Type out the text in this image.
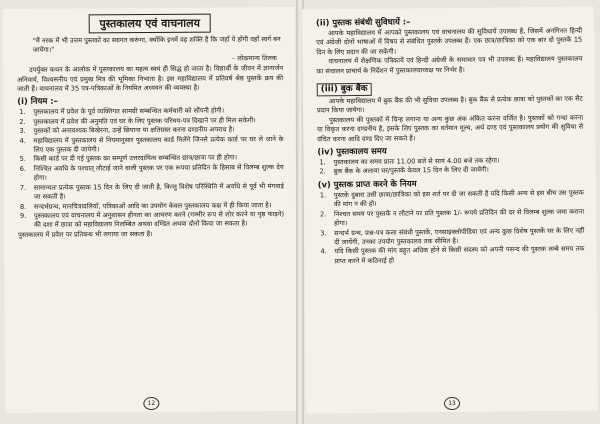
पुस्तकालय एवं वाचनालय

"मैं नरक में भी उत्तम पुस्तकों का स्वागत करूंगा, क्योंकि इनमें वह शक्ति है कि जहाँ ये होंगी वहाँ स्वर्ग बन जायेगा।"

– लोकमान्य तिलक

उपर्युक्त कथन के आलोक में पुस्तकालय का महत्व स्वयं ही सिद्ध हो जाता है। विद्यार्थी के जीवन में ज्ञानार्जन अनिवार्य, विश्वसनीय एवं प्रमुख मित्र की भूमिका निभाता है। इस महाविद्यालय में प्रतिवर्ष श्रेष्ठ पुस्तकें क्रय की जाती हैं। वाचनालय में 35 पत्र-पत्रिकाओं के नियमित अध्ययन की व्यवस्था है।

(i) नियम :–
1. पुस्तकालय में प्रवेश के पूर्व व्यक्तिगत सामग्री सम्बन्धित कर्मचारी को सौंपनी होगी।
2. पुस्तकालय में प्रवेश की अनुमति एवं घर के लिए पुस्तक परिचय-पत्र दिखाने पर ही मिल सकेगी।
3. पुस्तकों को अनावश्यक बिखेरना, उन्हें छिपाना या क्षतिग्रस्त करना दण्डनीय अपराध है।
4. महाविद्यालय में पुस्तकालय से नियमानुसार पुस्तकालय कार्ड मिलेंगे जिनसे प्रत्येक कार्ड पर घर ले जाने के लिए एक पुस्तक दी जायेगी।
5. किसी कार्ड पर दी गई पुस्तक का सम्पूर्ण उत्तरदायित्व सम्बन्धित छात्र/छात्रा पर ही होगा।
6. निश्चित अवधि के पश्चात् लौटाई जाने वाली पुस्तक पर एक रूपया प्रतिदिन के हिसाब से विलम्ब शुल्क देय होगा।
7. सामान्यतः प्रत्येक पुस्तक 15 दिन के लिए दी जाती है, किन्तु विशेष परिस्थिति में अवधि से पूर्व भी मंगवाई जा सकती है।
8. सन्दर्भग्रन्थ, मानचित्रावलियाँ, पत्रिकाओं आदि का उपयोग केवल पुस्तकालय कक्ष में ही किया जाता है।
9. पुस्तकालय एवं वाचनालय में अनुशासन हीनता का आचरण करने (गम्भीर रूप से शोर करने या पृष्ठ फाड़ने) की दशा में छात्रा को महाविद्यालय निलम्बित अथवा दण्डित अथवा दोनों किया जा सकता है।

पुस्तकालय में प्रवेश पर प्रतिबन्ध भी लगाया जा सकता है।

12
(ii) पुस्तक संबंधी सुविधायें :–

आपके महाविद्यालय में आपको पुस्तकालय एवं वाचनालय की सुविधायें उपलब्ध हैं, जिसमें अनगिनत हिन्दी एवं अंग्रेजी दोनों भाषाओं में विषय से संबंधित पुस्तकें उपलब्ध हैं। एक छात्र/छात्रिका को एक बार दो पुस्तकें 15 दिन के लिए प्रदान की जा सकेंगी।

वाचनालय में शैक्षणिक पत्रिकायें एवं हिन्दी अंग्रेजी के समाचार पत्र भी उपलब्ध हैं। महाविद्यालय पुस्तकालय का संचालन प्राचार्य के निर्देशन में पुस्तकालयाध्यक्ष पर निर्भर है।

(iii) बुक बैंक

आपके महाविद्यालय में बुक बैंक की भी सुविधा उपलब्ध है। बुक बैंक से प्रत्येक छात्रा को पुस्तकों का एक सैट प्रदान किया जायेगा।

पुस्तकालय की पुस्तकों में चिन्ह लगाना या अन्य कुछ अंक अंकित करना वर्जित है। पुस्तकों को गन्दा करना या विकृत करना दण्डनीय है, इसके लिए पुस्तक का वर्तमान मूल्य, अर्थ दण्ड एवं पुस्तकालय प्रयोग की सुविधा से वंचित करना आदि दण्ड दिए जा सकते हैं।

(iv) पुस्तकालय समय
1. पुस्तकालय का समय प्रातः 11.00 बजे से सायं 4.00 बजे तक रहेगा।
2. बुक बैंक के अलावा घर/पुस्तकें केवल 15 दिन के लिए दी जायेंगी।
(v) पुस्तक प्राप्त करने के नियम
1. पुस्तकें दुबारा उसी छात्रा/छात्रिका को इस शर्त पर दी जा सकती है यदि किसी अन्य से इस बीच उस पुस्तक की मांग न की हो।
2. निश्चत समय पर पुस्तकें न लौटाने पर प्रति पुस्तक 1/- रूपये प्रतिदिन की दर से विलम्ब शुल्क जमा कराना होगा।
3. सन्दर्भ ग्रन्थ, प्रश्न-पत्र कला संबंधी पुस्तकें, एनसाइक्लोपीडिया एवं अन्य कुछ विशेष पुस्तकें घर के लिए नहीं दी जायेंगी, उनका उपयोग पुस्तकालय तक सीमित है।
4. यदि किसी पुस्तक की मांग बहुत अधिक होने से किसी संदस्य को अपनी पसन्द की पुस्तक लम्बे समय तक प्राप्त करने में कठिनाई हो
13
